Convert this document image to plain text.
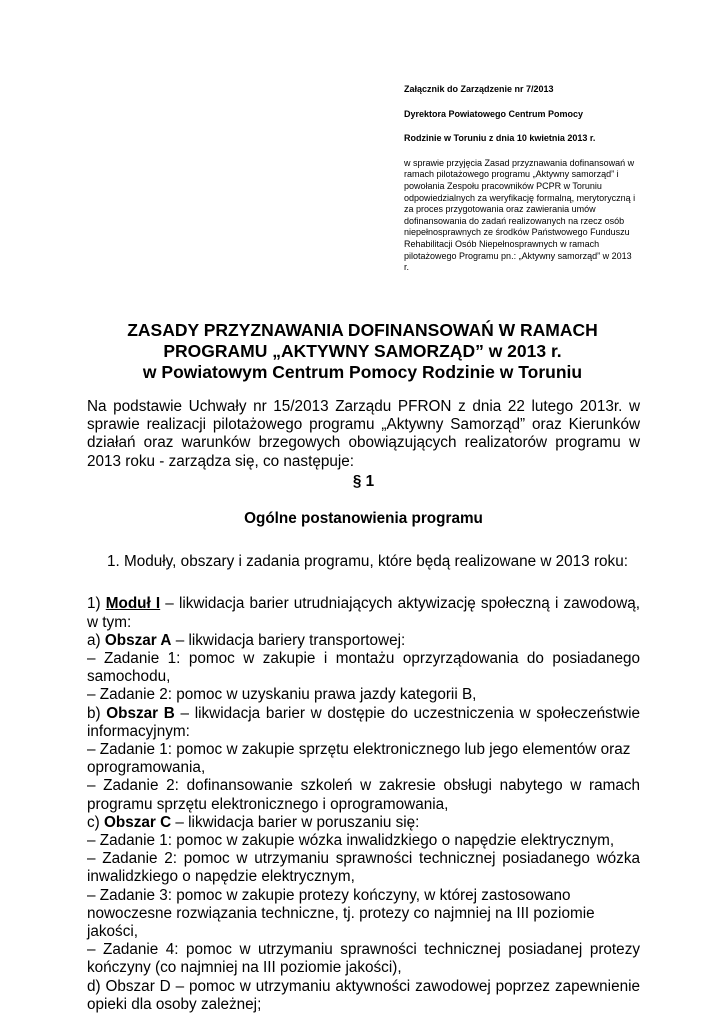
Załącznik do Zarządzenie nr 7/2013
Dyrektora Powiatowego Centrum Pomocy
Rodzinie w Toruniu z dnia 10 kwietnia 2013 r.
w sprawie przyjęcia Zasad przyznawania dofinansowań w ramach pilotażowego programu „Aktywny samorząd” i powołania Zespołu pracowników PCPR w Toruniu odpowiedzialnych za weryfikację formalną, merytoryczną i za proces przygotowania oraz zawierania umów dofinansowania do zadań realizowanych na rzecz osób niepełnosprawnych ze środków Państwowego Funduszu Rehabilitacji Osób Niepełnosprawnych w ramach pilotażowego Programu pn.: „Aktywny samorząd” w 2013 r.
ZASADY PRZYZNAWANIA DOFINANSOWAŃ W RAMACH
PROGRAMU „AKTYWNY SAMORZĄD” w 2013 r.
w Powiatowym Centrum Pomocy Rodzinie w Toruniu

Na podstawie Uchwały nr 15/2013 Zarządu PFRON z dnia 22 lutego 2013r. w sprawie realizacji pilotażowego programu „Aktywny Samorząd” oraz Kierunków działań oraz warunków brzegowych obowiązujących realizatorów programu w 2013 roku - zarządza się, co następuje:

§ 1

Ogólne postanowienia programu

1. Moduły, obszary i zadania programu, które będą realizowane w 2013 roku:

1) Moduł I – likwidacja barier utrudniających aktywizację społeczną i zawodową, w tym:

a) Obszar A – likwidacja bariery transportowej:

– Zadanie 1: pomoc w zakupie i montażu oprzyrządowania do posiadanego samochodu,

– Zadanie 2: pomoc w uzyskaniu prawa jazdy kategorii B,

b) Obszar B – likwidacja barier w dostępie do uczestniczenia w społeczeństwie informacyjnym:

– Zadanie 1: pomoc w zakupie sprzętu elektronicznego lub jego elementów oraz oprogramowania,

– Zadanie 2: dofinansowanie szkoleń w zakresie obsługi nabytego w ramach programu sprzętu elektronicznego i oprogramowania,

c) Obszar C – likwidacja barier w poruszaniu się:

– Zadanie 1: pomoc w zakupie wózka inwalidzkiego o napędzie elektrycznym,

– Zadanie 2: pomoc w utrzymaniu sprawności technicznej posiadanego wózka inwalidzkiego o napędzie elektrycznym,

– Zadanie 3: pomoc w zakupie protezy kończyny, w której zastosowano nowoczesne rozwiązania techniczne, tj. protezy co najmniej na III poziomie jakości,

– Zadanie 4: pomoc w utrzymaniu sprawności technicznej posiadanej protezy kończyny (co najmniej na III poziomie jakości),

d) Obszar D – pomoc w utrzymaniu aktywności zawodowej poprzez zapewnienie opieki dla osoby zależnej;
